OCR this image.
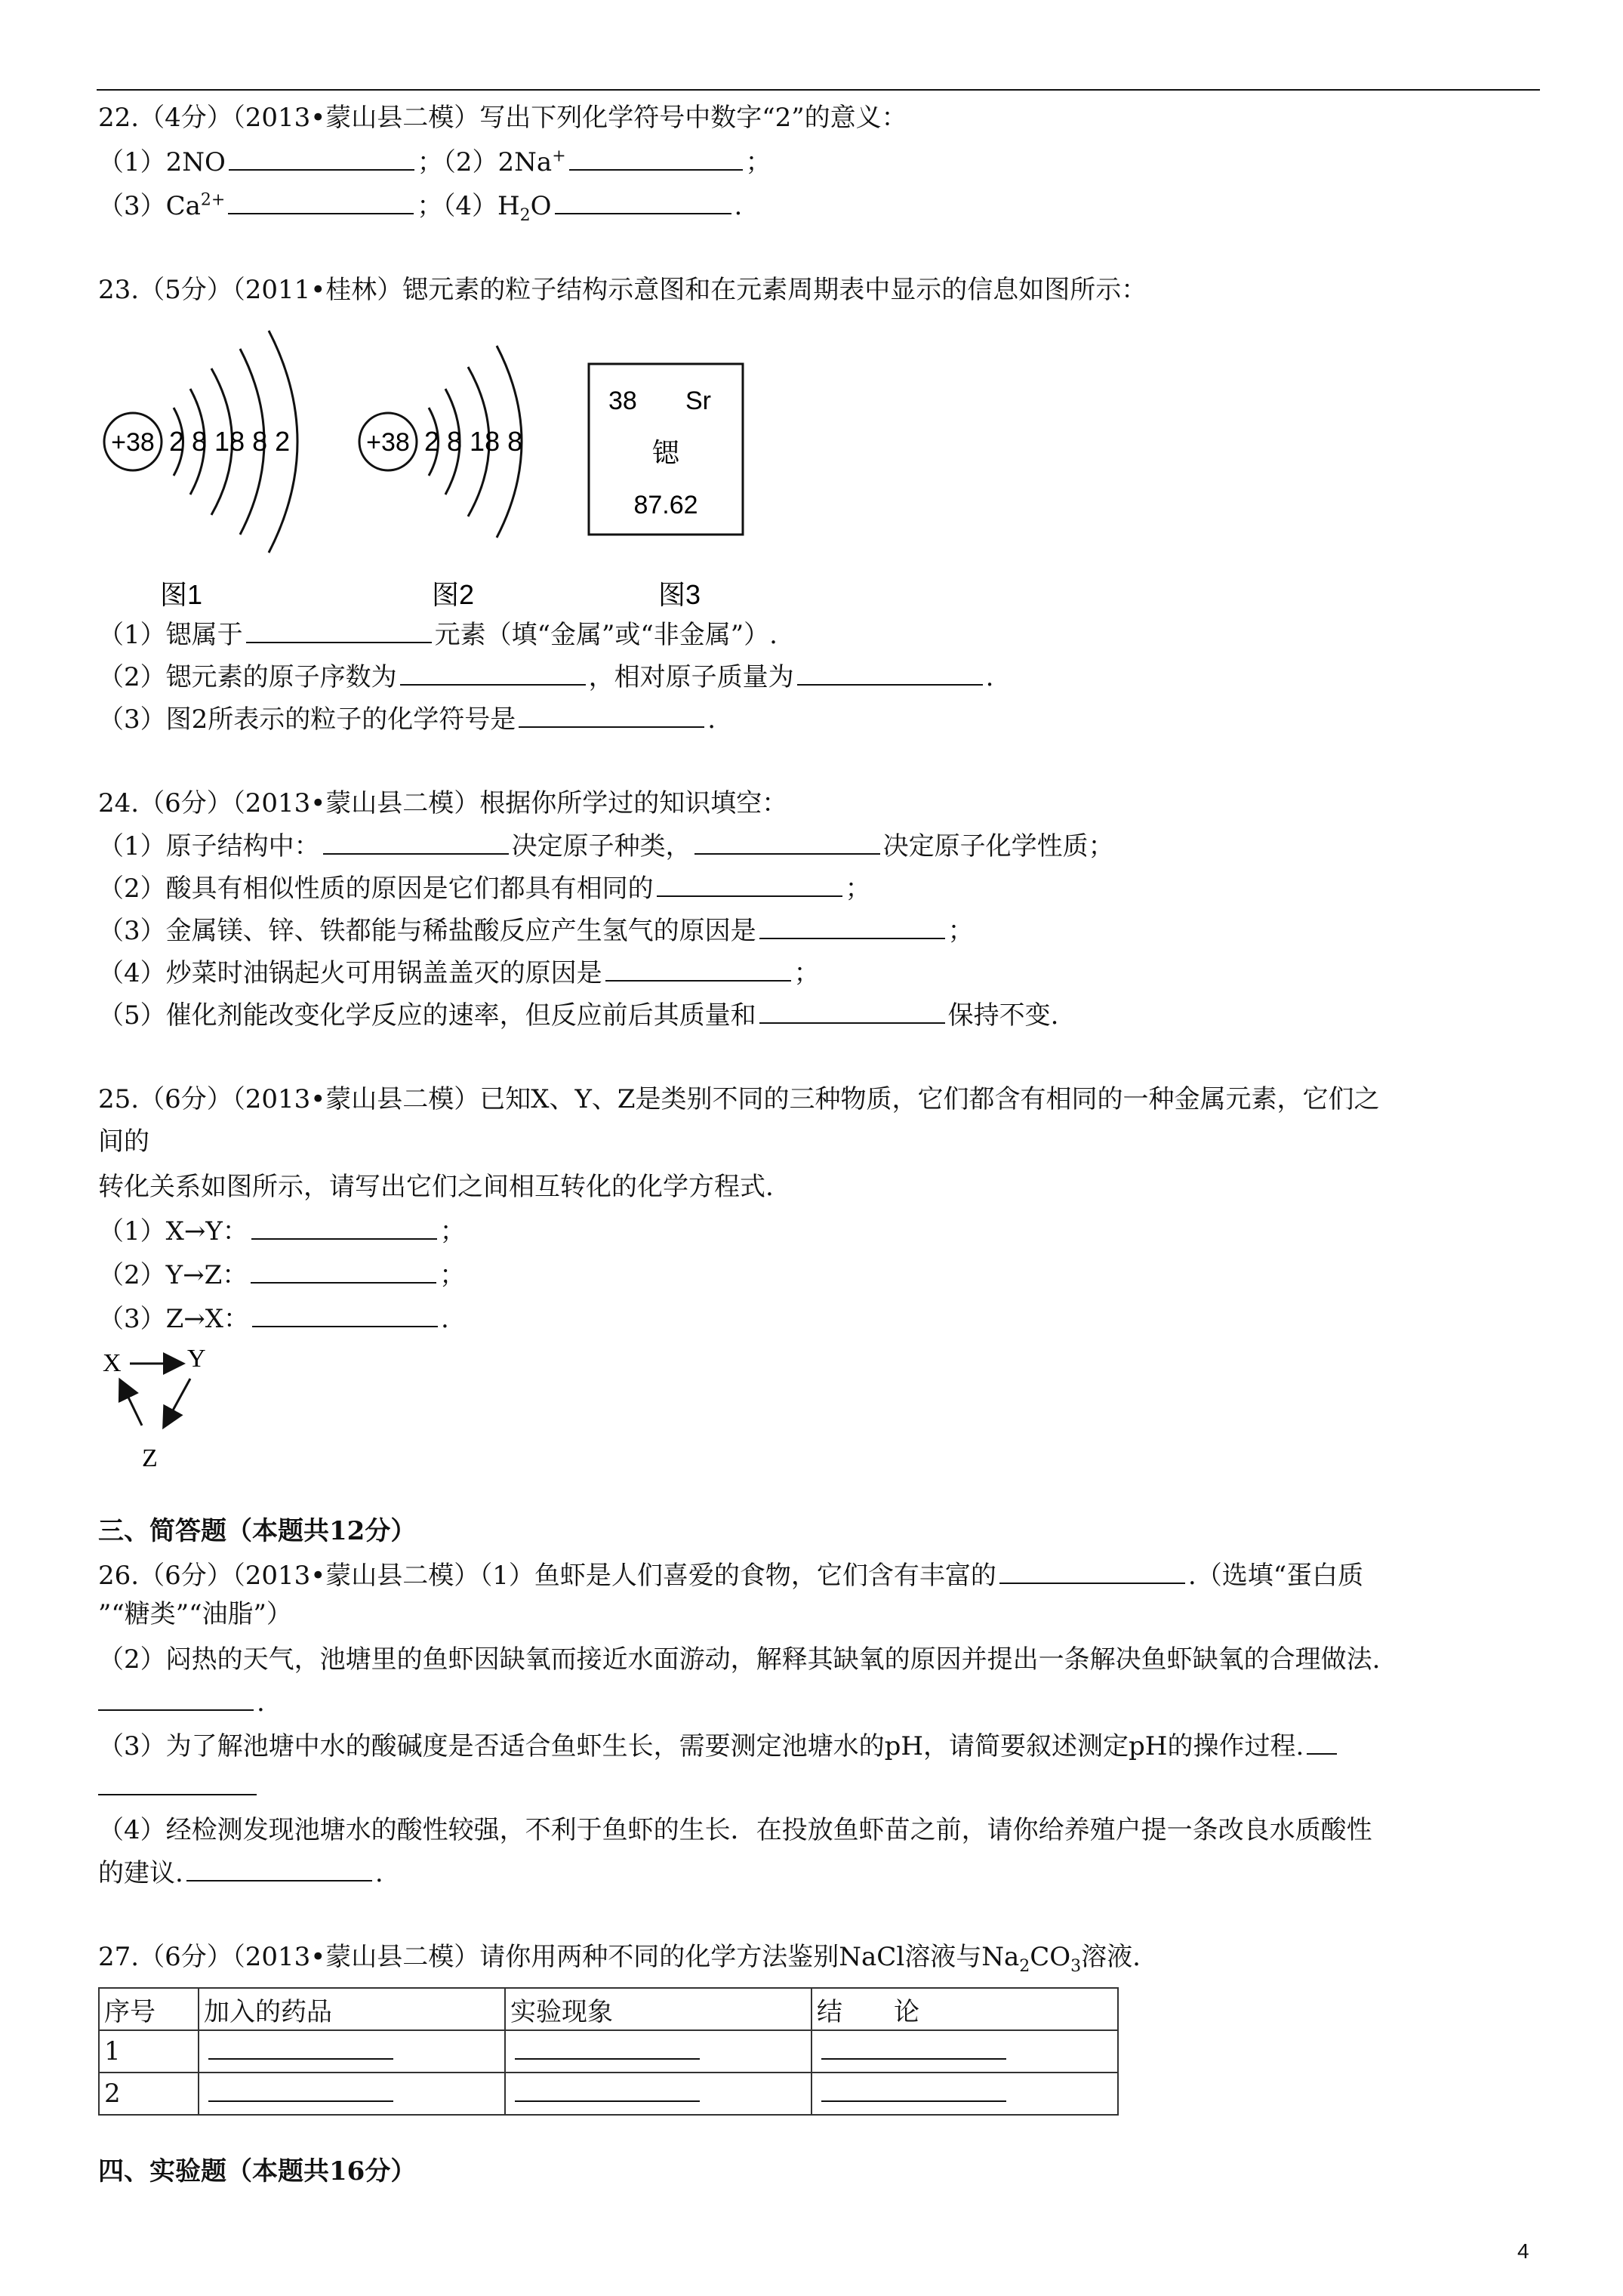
22.（4分）（2013•蒙山县二模）写出下列化学符号中数字“2”的意义：
（1）2NO	；（2）2Na+	；
$(3)Ca^{2+}$	；$(4)H_2O$	.
23.（5分）（2011•桂林）锶元素的粒子结构示意图和在元素周期表中显示的信息如图所示：
+38 2 8 18 8 2
图1
+38 2 8 18 8
图2
38 Sr
锶
87.62
图3
（1）锶属于	元素（填“金属”或“非金属”）.
（2）锶元素的原子序数为	，相对原子质量为	.
（3）图2所表示的粒子的化学符号是	.
24.（6分）（2013•蒙山县二模）根据你所学过的知识填空：
（1）原子结构中：	决定原子种类，	决定原子化学性质；
（2）酸具有相似性质的原因是它们都具有相同的	；
（3）金属镁、锌、铁都能与稀盐酸反应产生氢气的原因是	；
（4）炒菜时油锅起火可用锅盖盖灭的原因是	；
（5）催化剂能改变化学反应的速率，但反应前后其质量和	保持不变.
25.（6分）（2013•蒙山县二模）已知X、Y、Z是类别不同的三种物质，它们都含有相同的一种金属元素，它们之
间的
转化关系如图所示，请写出它们之间相互转化的化学方程式.
（1）X→Y：	；
（2）Y→Z：	；
（3）Z→X：	.
X	Y
Z
三、简答题（本题共12分）
26.（6分）（2013•蒙山县二模）（1）鱼虾是人们喜爱的食物，它们含有丰富的	.（选填“蛋白质
”“糖类”“油脂”）
（2）闷热的天气，池塘里的鱼虾因缺氧而接近水面游动，解释其缺氧的原因并提出一条解决鱼虾缺氧的合理做法.
.
（3）为了解池塘中水的酸碱度是否适合鱼虾生长，需要测定池塘水的pH，请简要叙述测定pH的操作过程.
（4）经检测发现池塘水的酸性较强，不利于鱼虾的生长．在投放鱼虾苗之前，请你给养殖户提一条改良水质酸性
的建议.	.
27.（6分）（2013•蒙山县二模）请你用两种不同的化学方法鉴别NaCl溶液与$Na_2CO_3$溶液.
序号	加入的药品	实验现象	结　　论
1			
2			
四、实验题（本题共16分）
4
